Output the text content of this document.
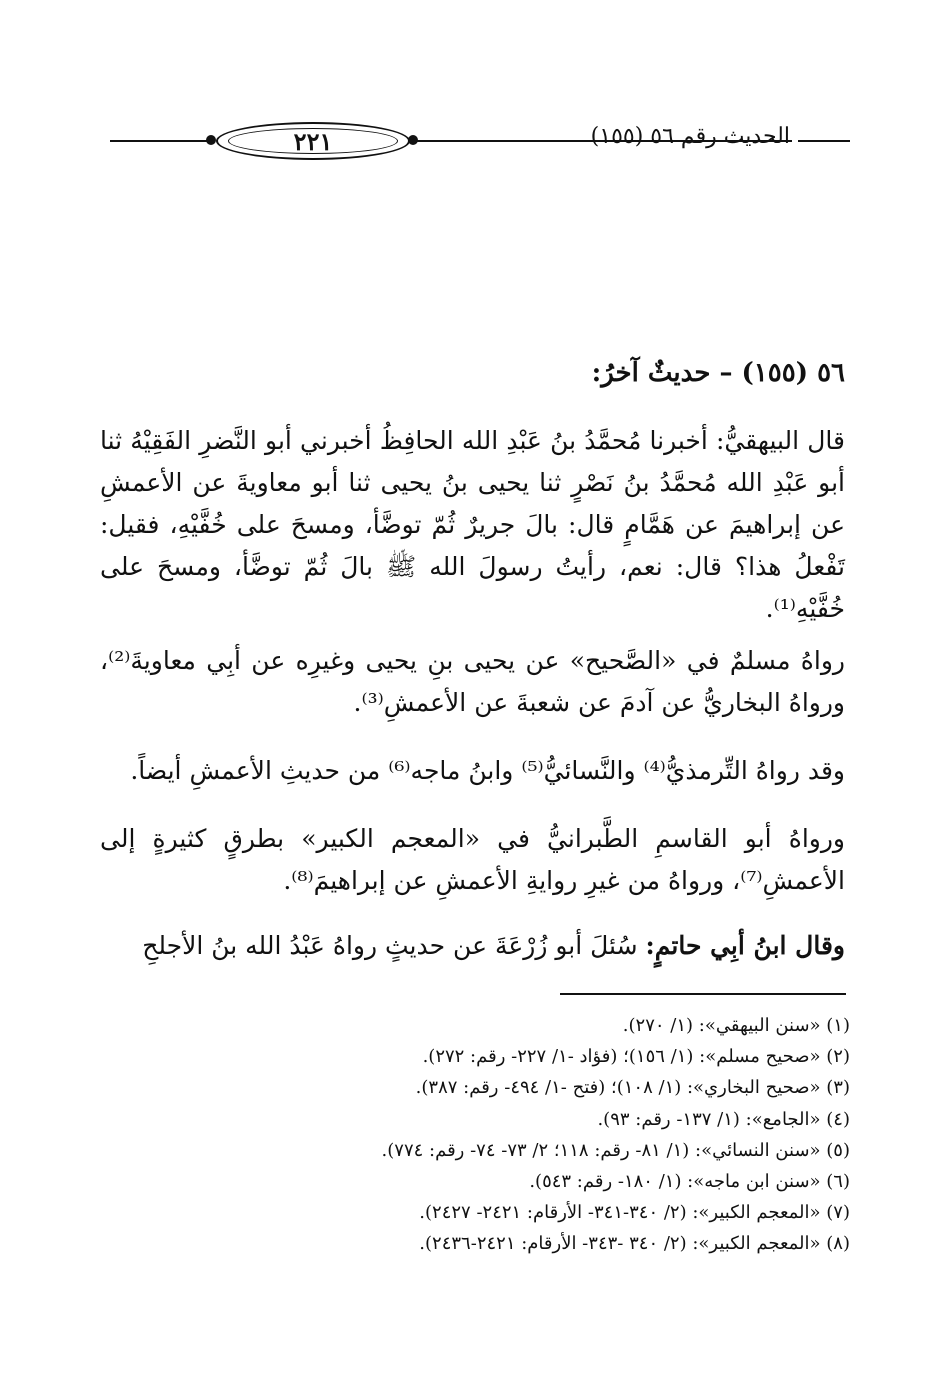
٢٢١	الحديث رقم ٥٦ (١٥٥)
٥٦ (١٥٥) – حديثٌ آخرُ:
قال البيهقيُّ: أخبرنا مُحمَّدُ بنُ عَبْدِ الله الحافِظُ أخبرني أبو النَّضرِ الفَقِيْهُ ثنا أبو عَبْدِ الله مُحمَّدُ بنُ نَصْرٍ ثنا يحيى بنُ يحيى ثنا أبو معاويةَ عن الأعمشِ عن إبراهيمَ عن هَمَّامٍ قال: بالَ جريرٌ ثُمّ توضَّأ، ومسحَ على خُفَّيْهِ، فقيل: تَفْعلُ هذا؟ قال: نعم، رأيتُ رسولَ الله ﷺ بالَ ثُمّ توضَّأ، ومسحَ على خُفَّيْهِ⁽¹⁾.
رواهُ مسلمٌ في «الصَّحيح» عن يحيى بنِ يحيى وغيرِه عن أبِي معاويةَ⁽²⁾، ورواهُ البخاريُّ عن آدمَ عن شعبةَ عن الأعمشِ⁽³⁾.
وقد رواهُ التِّرمذيُّ⁽⁴⁾ والنَّسائيُّ⁽⁵⁾ وابنُ ماجه⁽⁶⁾ من حديثِ الأعمشِ أيضاً.
ورواهُ أبو القاسمِ الطَّبرانيُّ في «المعجم الكبير» بطرقٍ كثيرةٍ إلى الأعمشِ⁽⁷⁾، ورواهُ من غيرِ روايةِ الأعمشِ عن إبراهيمَ⁽⁸⁾.
وقال ابنُ أبِي حاتمٍ: سُئلَ أبو زُرْعَةَ عن حديثٍ رواهُ عَبْدُ الله بنُ الأجلحِ
(١) «سنن البيهقي»: (١/ ٢٧٠).
(٢) «صحيح مسلم»: (١/ ١٥٦)؛ (فؤاد -١/ ٢٢٧- رقم: ٢٧٢).
(٣) «صحيح البخاري»: (١/ ١٠٨)؛ (فتح -١/ ٤٩٤- رقم: ٣٨٧).
(٤) «الجامع»: (١/ ١٣٧- رقم: ٩٣).
(٥) «سنن النسائي»: (١/ ٨١- رقم: ١١٨؛ ٢/ ٧٣- ٧٤- رقم: ٧٧٤).
(٦) «سنن ابن ماجه»: (١/ ١٨٠- رقم: ٥٤٣).
(٧) «المعجم الكبير»: (٢/ ٣٤٠-٣٤١- الأرقام: ٢٤٢١- ٢٤٢٧).
(٨) «المعجم الكبير»: (٢/ ٣٤٠ -٣٤٣- الأرقام: ٢٤٢١-٢٤٣٦).
